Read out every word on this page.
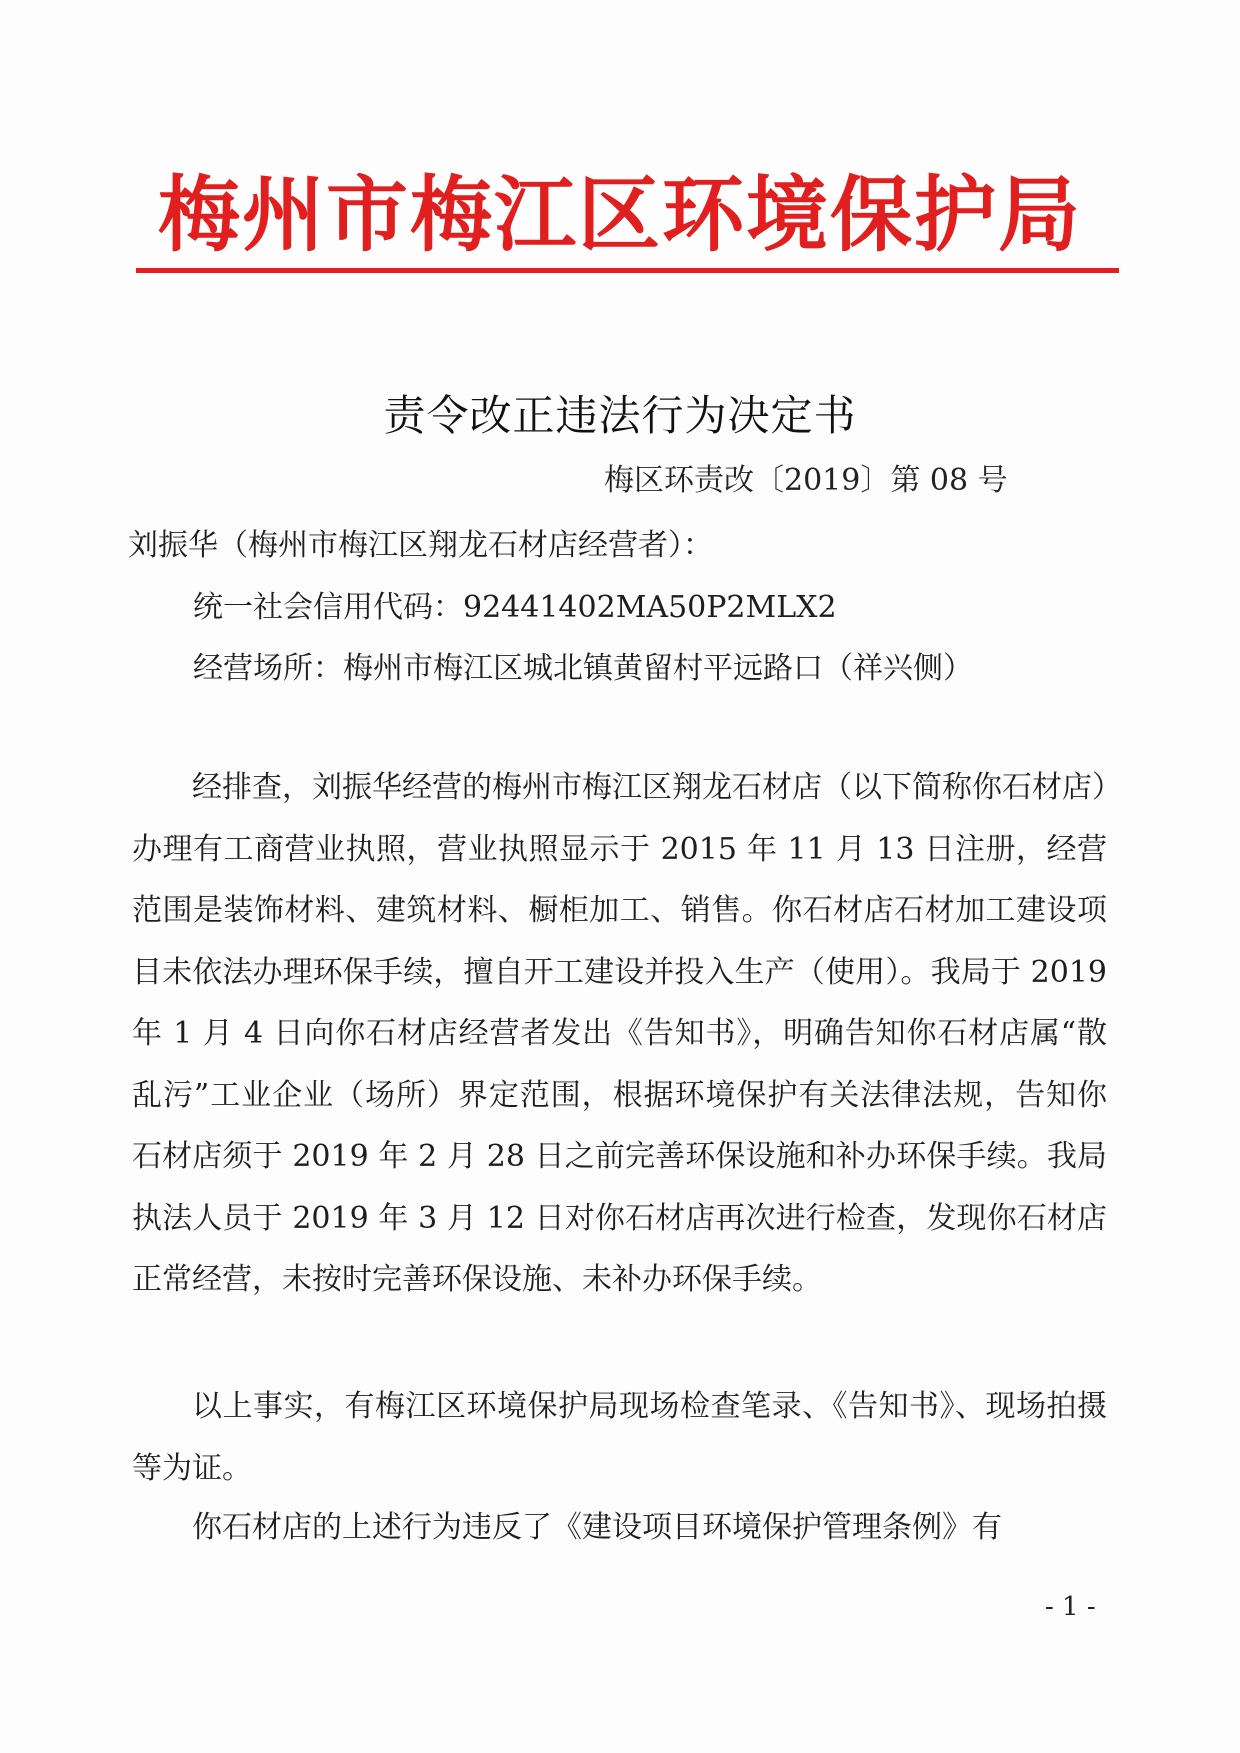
梅州市梅江区环境保护局
责令改正违法行为决定书
梅区环责改〔2019〕第 08 号
刘振华（梅州市梅江区翔龙石材店经营者）：
统一社会信用代码：92441402MA50P2MLX2
经营场所：梅州市梅江区城北镇黄留村平远路口（祥兴侧）

经排查，刘振华经营的梅州市梅江区翔龙石材店（以下简称你石材店）办理有工商营业执照，营业执照显示于 2015 年 11 月 13 日注册，经营范围是装饰材料、建筑材料、橱柜加工、销售。你石材店石材加工建设项目未依法办理环保手续，擅自开工建设并投入生产（使用）。我局于 2019 年 1 月 4 日向你石材店经营者发出《告知书》，明确告知你石材店属“散乱污”工业企业（场所）界定范围，根据环境保护有关法律法规，告知你石材店须于 2019 年 2 月 28 日之前完善环保设施和补办环保手续。我局执法人员于 2019 年 3 月 12 日对你石材店再次进行检查，发现你石材店正常经营，未按时完善环保设施、未补办环保手续。

以上事实，有梅江区环境保护局现场检查笔录、《告知书》、现场拍摄等为证。

你石材店的上述行为违反了《建设项目环境保护管理条例》有

- 1 -
